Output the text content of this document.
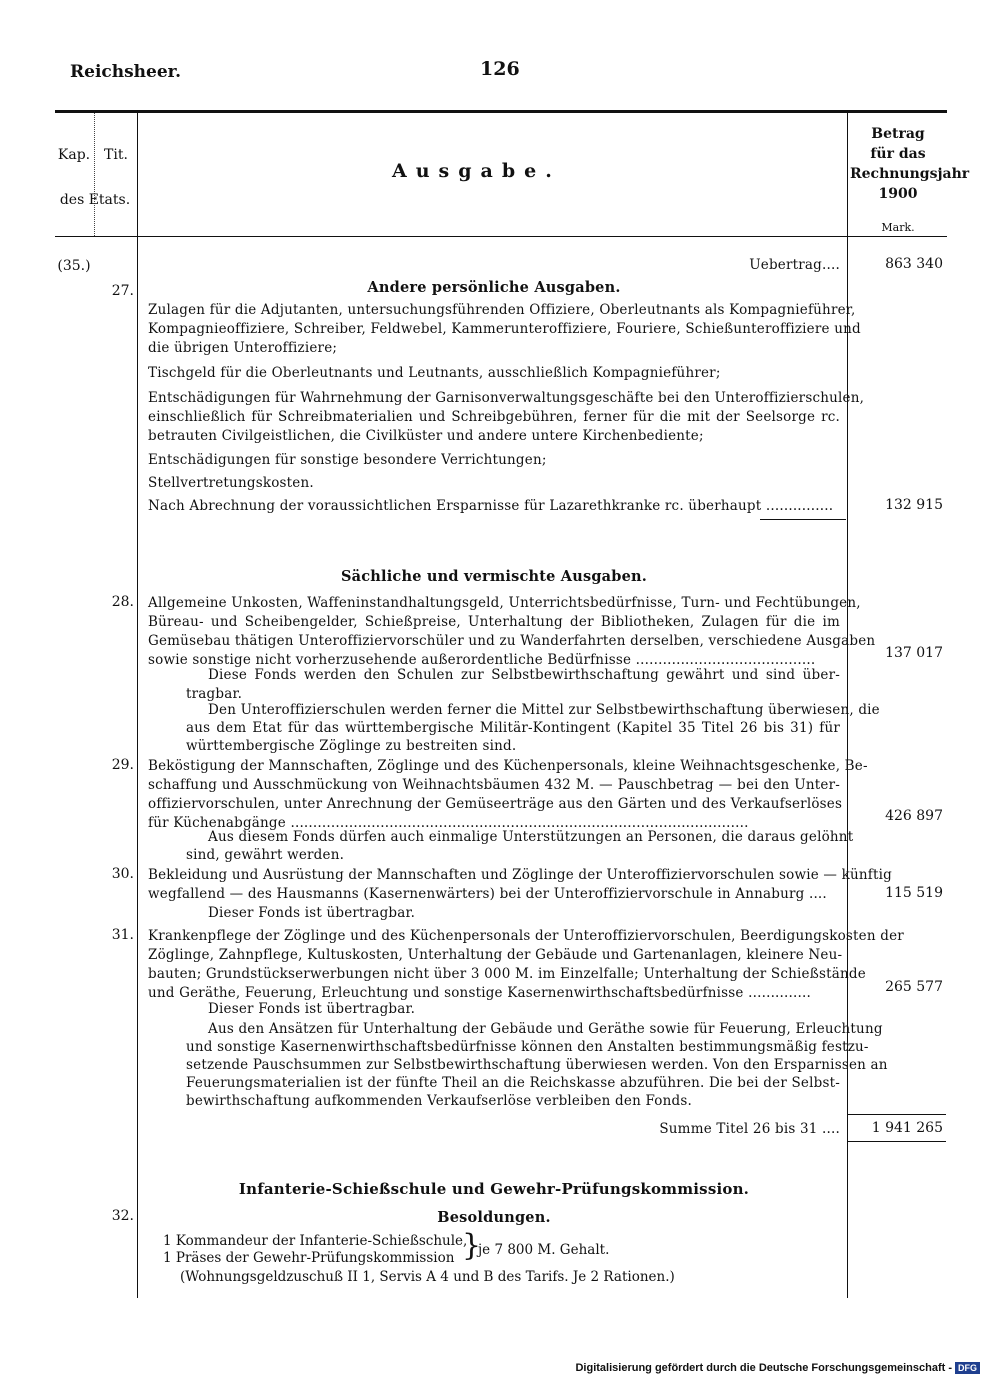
Reichsheer.	126
Kap. Tit.
des Etats.
Ausgabe.
Betrag
für das
Rechnungsjahr
1900
Mark.
(35.)	Uebertrag....	863 340
Andere persönliche Ausgaben.
27.
Zulagen für die Adjutanten, untersuchungsführenden Offiziere, Oberleutnants als Kompagnieführer,
Kompagnieoffiziere, Schreiber, Feldwebel, Kammerunteroffiziere, Fouriere, Schießunteroffiziere und
die übrigen Unteroffiziere;
Tischgeld für die Oberleutnants und Leutnants, ausschließlich Kompagnieführer;
Entschädigungen für Wahrnehmung der Garnisonverwaltungsgeschäfte bei den Unteroffizierschulen,
einschließlich für Schreibmaterialien und Schreibgebühren, ferner für die mit der Seelsorge rc.
betrauten Civilgeistlichen, die Civilküster und andere untere Kirchenbediente;
Entschädigungen für sonstige besondere Verrichtungen;
Stellvertretungskosten.
Nach Abrechnung der voraussichtlichen Ersparnisse für Lazarethkranke rc. überhaupt ...............	132 915
Sächliche und vermischte Ausgaben.
28. Allgemeine Unkosten, Waffeninstandhaltungsgeld, Unterrichtsbedürfnisse, Turn- und Fechtübungen,
Büreau- und Scheibengelder, Schießpreise, Unterhaltung der Bibliotheken, Zulagen für die im
Gemüsebau thätigen Unteroffiziervorschüler und zu Wanderfahrten derselben, verschiedene Ausgaben
sowie sonstige nicht vorherzusehende außerordentliche Bedürfnisse ........................................	137 017
Diese Fonds werden den Schulen zur Selbstbewirthschaftung gewährt und sind über-
tragbar.
Den Unteroffizierschulen werden ferner die Mittel zur Selbstbewirthschaftung überwiesen, die
aus dem Etat für das württembergische Militär-Kontingent (Kapitel 35 Titel 26 bis 31) für
württembergische Zöglinge zu bestreiten sind.
29. Beköstigung der Mannschaften, Zöglinge und des Küchenpersonals, kleine Weihnachtsgeschenke, Be-
schaffung und Ausschmückung von Weihnachtsbäumen 432 M. — Pauschbetrag — bei den Unter-
offiziervorschulen, unter Anrechnung der Gemüseerträge aus den Gärten und des Verkaufserlöses
für Küchenabgänge ......................................................................................................	426 897
Aus diesem Fonds dürfen auch einmalige Unterstützungen an Personen, die daraus gelöhnt
sind, gewährt werden.
30. Bekleidung und Ausrüstung der Mannschaften und Zöglinge der Unteroffiziervorschulen sowie — künftig
wegfallend — des Hausmanns (Kasernenwärters) bei der Unteroffiziervorschule in Annaburg ....	115 519
Dieser Fonds ist übertragbar.
31. Krankenpflege der Zöglinge und des Küchenpersonals der Unteroffiziervorschulen, Beerdigungskosten der
Zöglinge, Zahnpflege, Kultuskosten, Unterhaltung der Gebäude und Gartenanlagen, kleinere Neu-
bauten; Grundstückserwerbungen nicht über 3 000 M. im Einzelfalle; Unterhaltung der Schießstände
und Geräthe, Feuerung, Erleuchtung und sonstige Kasernenwirthschaftsbedürfnisse ..............	265 577
Dieser Fonds ist übertragbar.
Aus den Ansätzen für Unterhaltung der Gebäude und Geräthe sowie für Feuerung, Erleuchtung
und sonstige Kasernenwirthschaftsbedürfnisse können den Anstalten bestimmungsmäßig festzu-
setzende Pauschsummen zur Selbstbewirthschaftung überwiesen werden. Von den Ersparnissen an
Feuerungsmaterialien ist der fünfte Theil an die Reichskasse abzuführen. Die bei der Selbst-
bewirthschaftung aufkommenden Verkaufserlöse verbleiben den Fonds.
Summe Titel 26 bis 31 ....	1 941 265
Infanterie-Schießschule und Gewehr-Prüfungskommission.
32.	Besoldungen.
1 Kommandeur der Infanterie-Schießschule,
1 Präses der Gewehr-Prüfungskommission }
je 7 800 M. Gehalt.
(Wohnungsgeldzuschuß II 1, Servis A 4 und B des Tarifs. Je 2 Rationen.)
Digitalisierung gefördert durch die Deutsche Forschungsgemeinschaft - DFG
